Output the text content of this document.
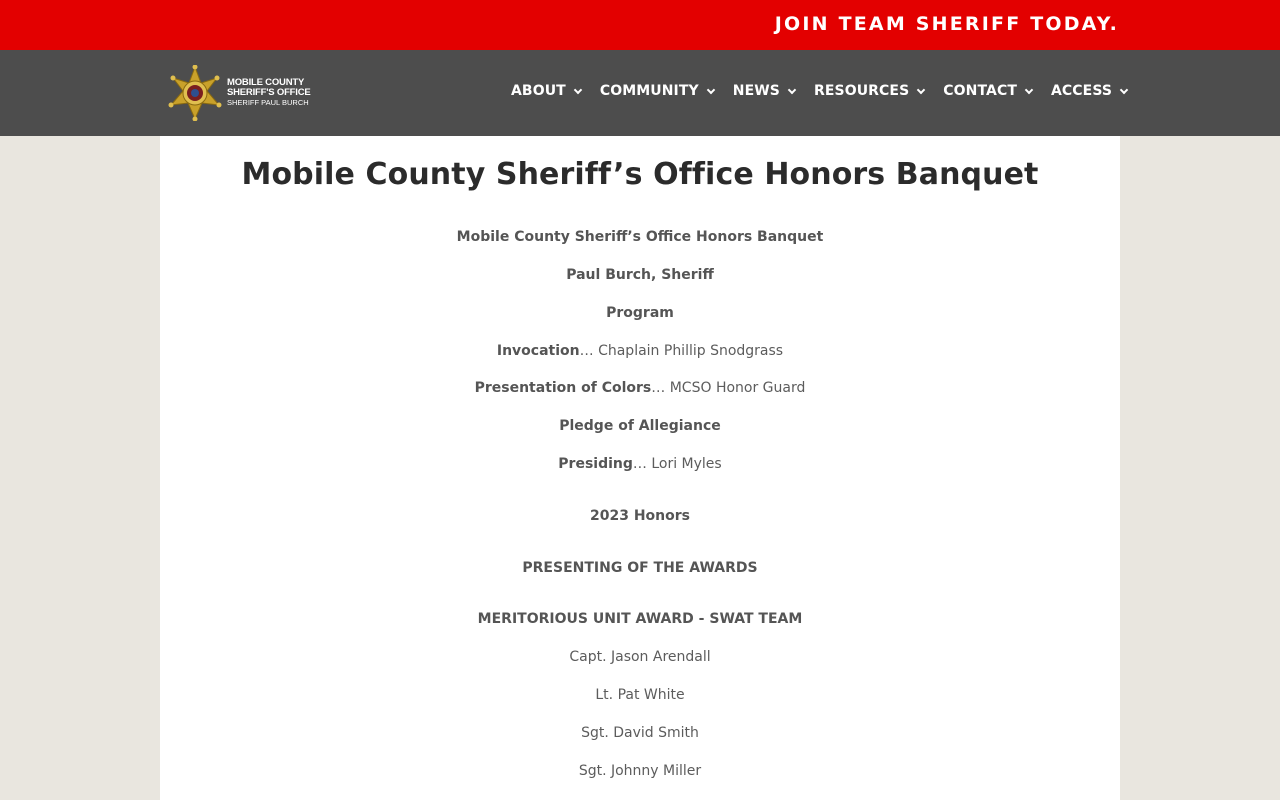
JOIN TEAM SHERIFF TODAY.
MOBILE COUNTY
SHERIFF'S OFFICE
SHERIFF PAUL BURCH
ABOUT COMMUNITY NEWS RESOURCES CONTACT ACCESS
Mobile County Sheriff’s Office Honors Banquet

Mobile County Sheriff’s Office Honors Banquet

Paul Burch, Sheriff

Program

Invocation… Chaplain Phillip Snodgrass

Presentation of Colors… MCSO Honor Guard

Pledge of Allegiance

Presiding… Lori Myles

2023 Honors

PRESENTING OF THE AWARDS

MERITORIOUS UNIT AWARD - SWAT TEAM

Capt. Jason Arendall

Lt. Pat White

Sgt. David Smith

Sgt. Johnny Miller
